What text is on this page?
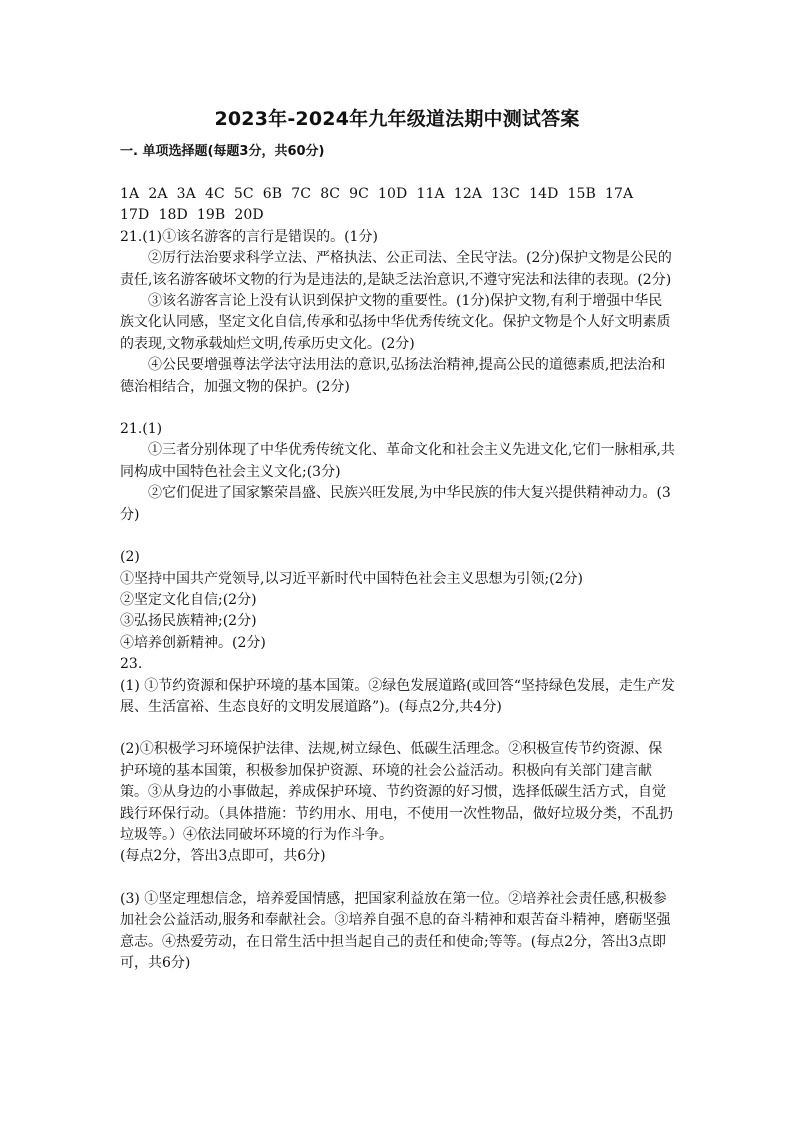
2023年-2024年九年级道法期中测试答案
一. 单项选择题(每题3分，共60分)

1A  2A  3A  4C  5C  6B  7C  8C  9C  10D  11A  12A  13C  14D  15B  17A

17D  18D  19B  20D

21.(1)①该名游客的言行是错误的。(1分)

②厉行法治要求科学立法、严格执法、公正司法、全民守法。(2分)保护文物是公民的责任,该名游客破坏文物的行为是违法的,是缺乏法治意识,不遵守宪法和法律的表现。(2分)

③该名游客言论上没有认识到保护文物的重要性。(1分)保护文物,有利于增强中华民族文化认同感，坚定文化自信,传承和弘扬中华优秀传统文化。保护文物是个人好文明素质的表现,文物承载灿烂文明,传承历史文化。(2分)

④公民要增强尊法学法守法用法的意识,弘扬法治精神,提高公民的道德素质,把法治和德治相结合，加强文物的保护。(2分)

21.(1)

①三者分别体现了中华优秀传统文化、革命文化和社会主义先进文化,它们一脉相承,共同构成中国特色社会主义文化;(3分)

②它们促进了国家繁荣昌盛、民族兴旺发展,为中华民族的伟大复兴提供精神动力。(3分)

(2)

①坚持中国共产党领导,以习近平新时代中国特色社会主义思想为引领;(2分)

②坚定文化自信;(2分)

③弘扬民族精神;(2分)

④培养创新精神。(2分)

23.

(1) ①节约资源和保护环境的基本国策。②绿色发展道路(或回答“坚持绿色发展，走生产发展、生活富裕、生态良好的文明发展道路”)。(每点2分,共4分)

(2)①积极学习环境保护法律、法规,树立绿色、低碳生活理念。②积极宣传节约资源、保护环境的基本国策，积极参加保护资源、环境的社会公益活动。积极向有关部门建言献策。③从身边的小事做起，养成保护环境、节约资源的好习惯，选择低碳生活方式，自觉践行环保行动。（具体措施：节约用水、用电，不使用一次性物品，做好垃圾分类，不乱扔垃圾等。）④依法同破坏环境的行为作斗争。

(每点2分，答出3点即可，共6分)

(3) ①坚定理想信念，培养爱国情感，把国家利益放在第一位。②培养社会责任感,积极参加社会公益活动,服务和奉献社会。③培养自强不息的奋斗精神和艰苦奋斗精神，磨砺坚强意志。④热爱劳动，在日常生活中担当起自己的责任和使命;等等。(每点2分，答出3点即可，共6分)
